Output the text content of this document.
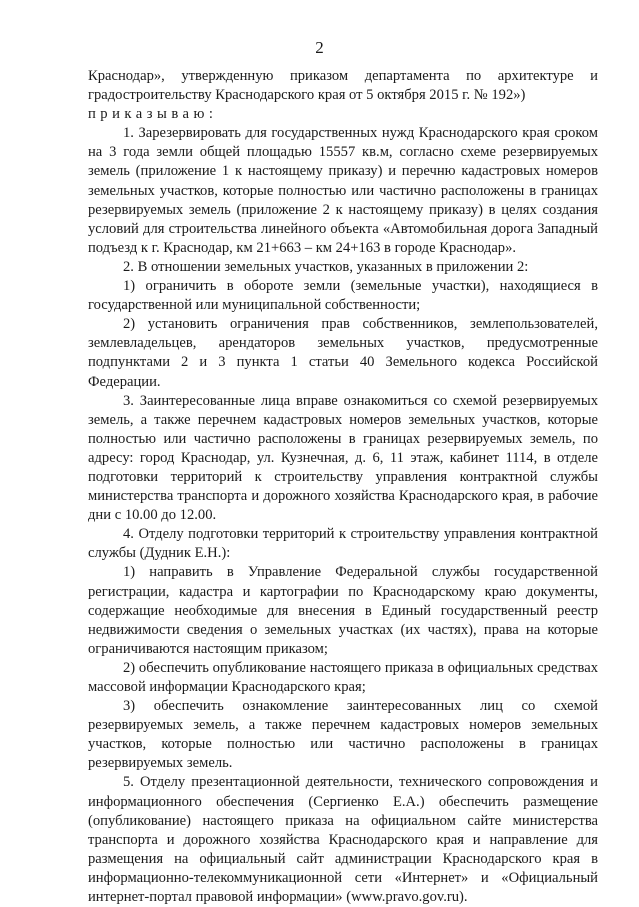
2

Краснодар», утвержденную приказом департамента по архитектуре и градостроительству Краснодарского края от 5 октября 2015 г. № 192»)
приказываю:

1. Зарезервировать для государственных нужд Краснодарского края сроком на 3 года земли общей площадью 15557 кв.м, согласно схеме резервируемых земель (приложение 1 к настоящему приказу) и перечню кадастровых номеров земельных участков, которые полностью или частично расположены в границах резервируемых земель (приложение 2 к настоящему приказу) в целях создания условий для строительства линейного объекта «Автомобильная дорога Западный подъезд к г. Краснодар, км 21+663 – км 24+163 в городе Краснодар».

2. В отношении земельных участков, указанных в приложении 2:

1) ограничить в обороте земли (земельные участки), находящиеся в государственной или муниципальной собственности;

2) установить ограничения прав собственников, землепользователей, землевладельцев, арендаторов земельных участков, предусмотренные подпунктами 2 и 3 пункта 1 статьи 40 Земельного кодекса Российской Федерации.

3. Заинтересованные лица вправе ознакомиться со схемой резервируемых земель, а также перечнем кадастровых номеров земельных участков, которые полностью или частично расположены в границах резервируемых земель, по адресу: город Краснодар, ул. Кузнечная, д. 6, 11 этаж, кабинет 1114, в отделе подготовки территорий к строительству управления контрактной службы министерства транспорта и дорожного хозяйства Краснодарского края, в рабочие дни с 10.00 до 12.00.

4. Отделу подготовки территорий к строительству управления контрактной службы (Дудник Е.Н.):

1) направить в Управление Федеральной службы государственной регистрации, кадастра и картографии по Краснодарскому краю документы, содержащие необходимые для внесения в Единый государственный реестр недвижимости сведения о земельных участках (их частях), права на которые ограничиваются настоящим приказом;

2) обеспечить опубликование настоящего приказа в официальных средствах массовой информации Краснодарского края;

3) обеспечить ознакомление заинтересованных лиц со схемой резервируемых земель, а также перечнем кадастровых номеров земельных участков, которые полностью или частично расположены в границах резервируемых земель.

5. Отделу презентационной деятельности, технического сопровождения и информационного обеспечения (Сергиенко Е.А.) обеспечить размещение (опубликование) настоящего приказа на официальном сайте министерства транспорта и дорожного хозяйства Краснодарского края и направление для размещения на официальный сайт администрации Краснодарского края в информационно-телекоммуникационной сети «Интернет» и «Официальный интернет-портал правовой информации» (www.pravo.gov.ru).
